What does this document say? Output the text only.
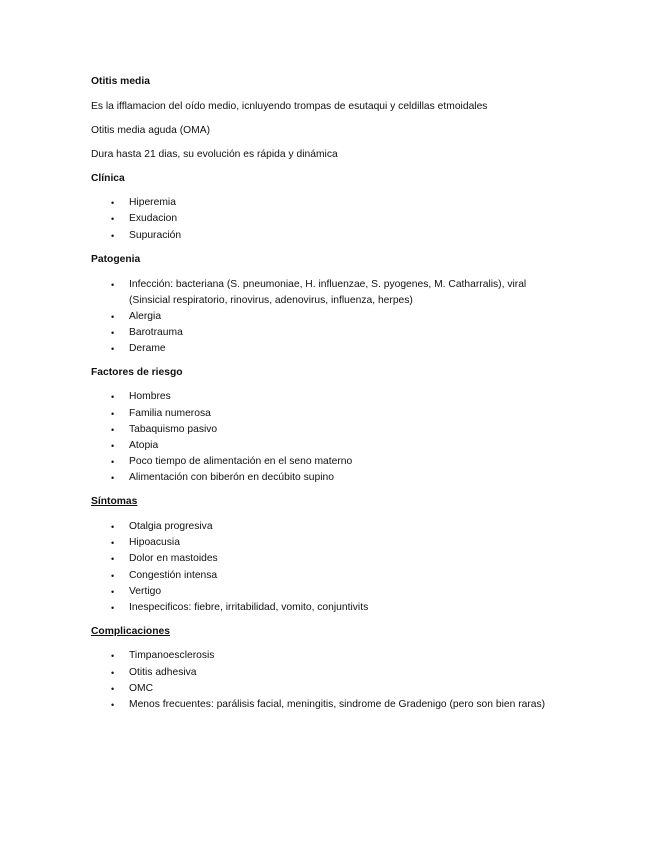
Otitis media
Es la ifflamacion del oído medio, icnluyendo trompas de esutaqui y celdillas etmoidales
Otitis media aguda (OMA)
Dura hasta 21 dias, su evolución es rápida y dinámica
Clínica
• Hiperemia
• Exudacion
• Supuración
Patogenia
• Infección: bacteriana (S. pneumoniae, H. influenzae, S. pyogenes, M. Catharralis), viral (Sinsicial respiratorio, rinovirus, adenovirus, influenza, herpes)
• Alergia
• Barotrauma
• Derame
Factores de riesgo
• Hombres
• Familia numerosa
• Tabaquismo pasivo
• Atopia
• Poco tiempo de alimentación en el seno materno
• Alimentación con biberón en decúbito supino
Síntomas
• Otalgia progresiva
• Hipoacusia
• Dolor en mastoides
• Congestión intensa
• Vertigo
• Inespecificos: fiebre, irritabilidad, vomito, conjuntivits
Complicaciones
• Timpanoesclerosis
• Otitis adhesiva
• OMC
• Menos frecuentes: parálisis facial, meningitis, sindrome de Gradenigo (pero son bien raras)
